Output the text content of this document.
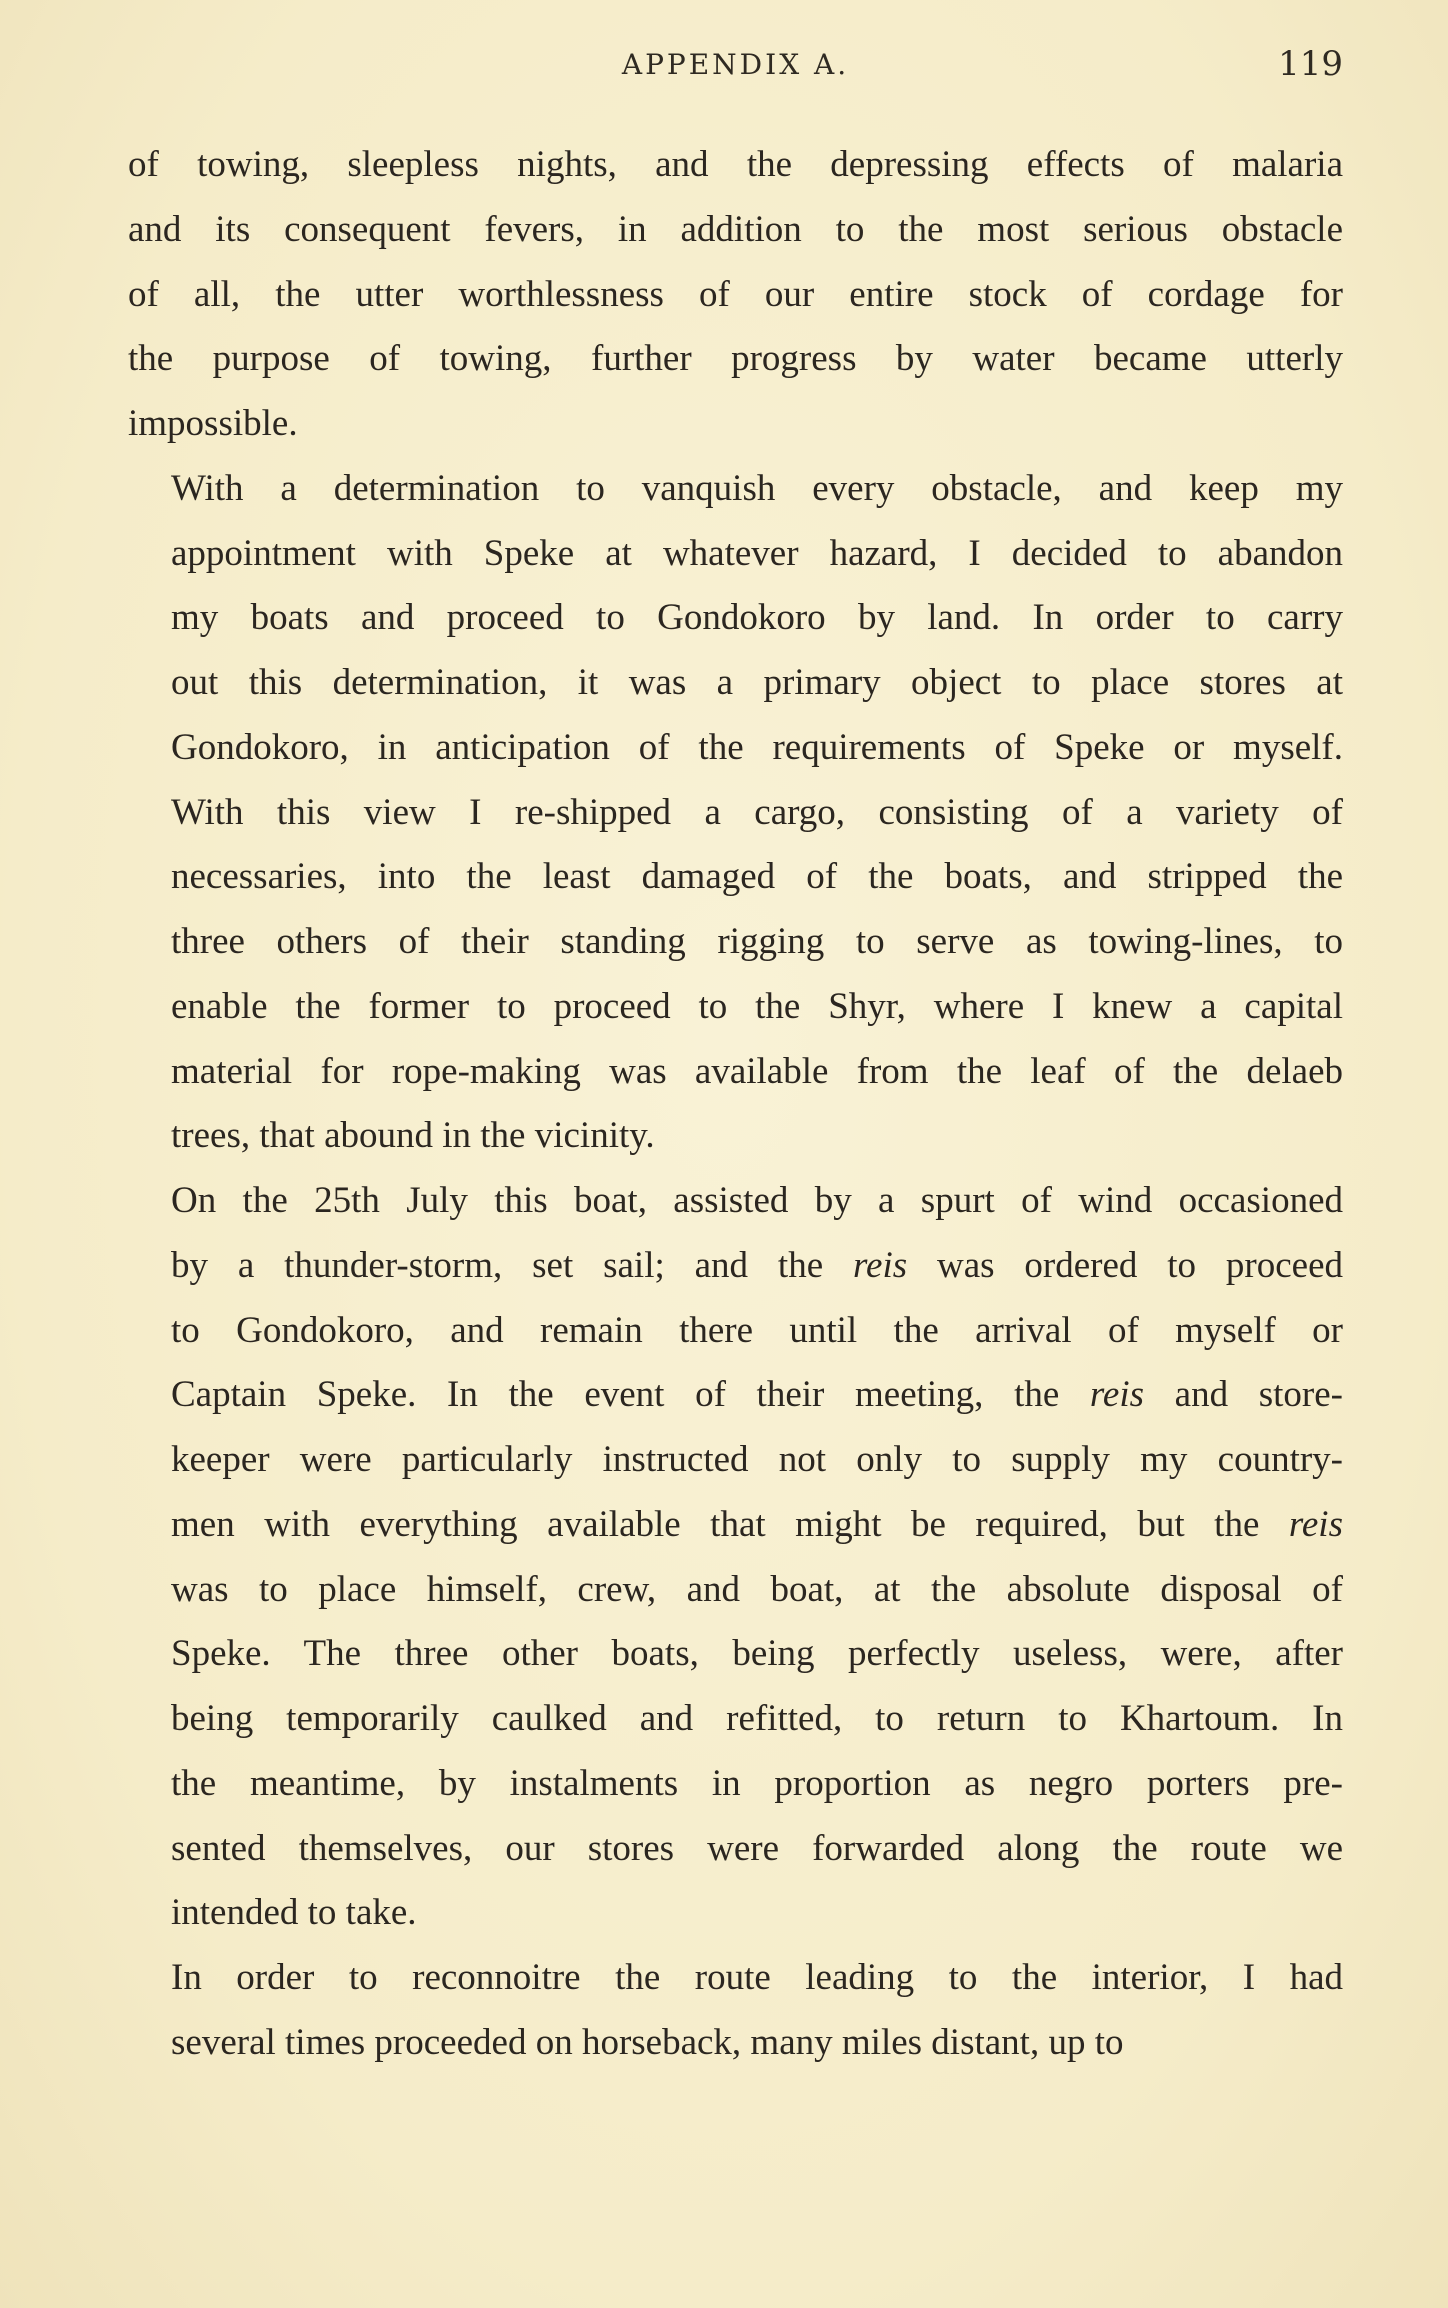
APPENDIX A.	119

of towing, sleepless nights, and the depressing effects of malaria
and its consequent fevers, in addition to the most serious obstacle
of all, the utter worthlessness of our entire stock of cordage for
the purpose of towing, further progress by water became utterly
impossible.

With a determination to vanquish every obstacle, and keep my
appointment with Speke at whatever hazard, I decided to abandon
my boats and proceed to Gondokoro by land. In order to carry
out this determination, it was a primary object to place stores at
Gondokoro, in anticipation of the requirements of Speke or myself.
With this view I re-shipped a cargo, consisting of a variety of
necessaries, into the least damaged of the boats, and stripped the
three others of their standing rigging to serve as towing-lines, to
enable the former to proceed to the Shyr, where I knew a capital
material for rope-making was available from the leaf of the delaeb
trees, that abound in the vicinity.

On the 25th July this boat, assisted by a spurt of wind occasioned
by a thunder-storm, set sail; and the reis was ordered to proceed
to Gondokoro, and remain there until the arrival of myself or
Captain Speke. In the event of their meeting, the reis and store-
keeper were particularly instructed not only to supply my country-
men with everything available that might be required, but the reis
was to place himself, crew, and boat, at the absolute disposal of
Speke. The three other boats, being perfectly useless, were, after
being temporarily caulked and refitted, to return to Khartoum. In
the meantime, by instalments in proportion as negro porters pre-
sented themselves, our stores were forwarded along the route we
intended to take.

In order to reconnoitre the route leading to the interior, I had
several times proceeded on horseback, many miles distant, up to
